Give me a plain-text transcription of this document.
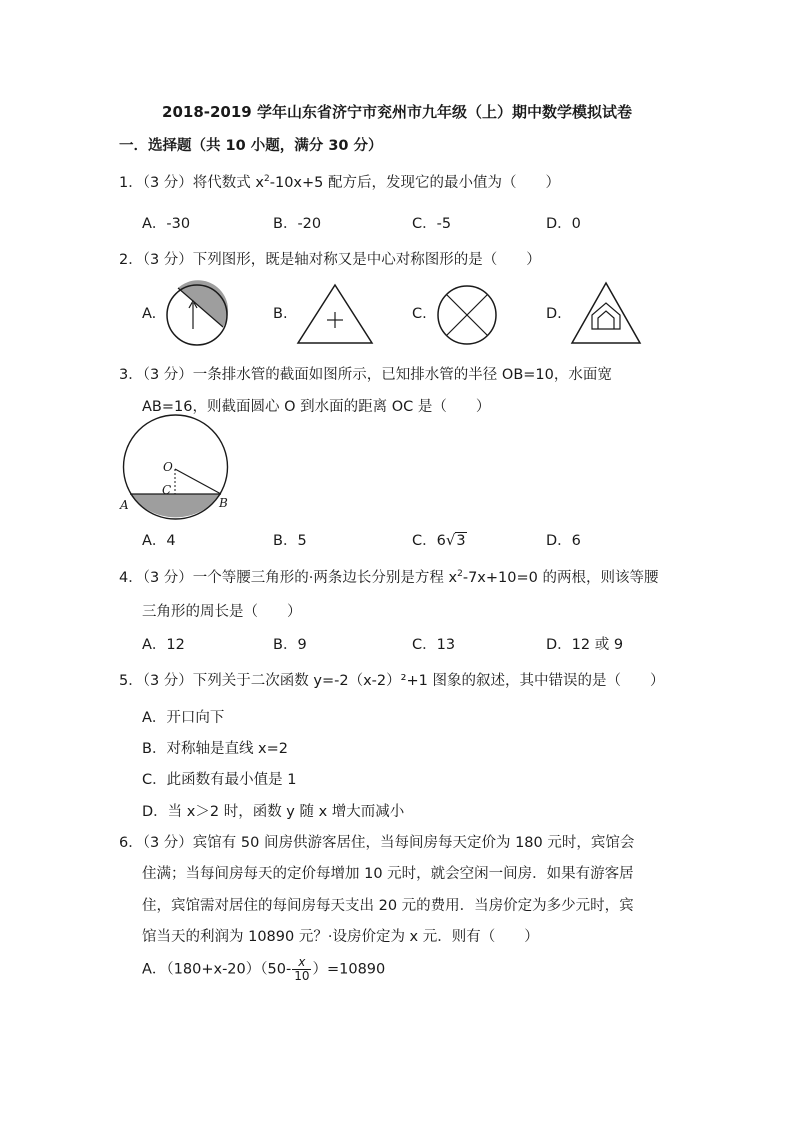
2018-2019 学年山东省济宁市兖州市九年级（上）期中数学模拟试卷
一．选择题（共 10 小题，满分 30 分）
1．（3 分）将代数式 $x^2-10x+5$ 配方后，发现它的最小值为（　　）
A．-30	B．-20	C．-5	D．0
2．（3 分）下列图形，既是轴对称又是中心对称图形的是（　　）
A.	B.	C.	D.
3．（3 分）一条排水管的截面如图所示，已知排水管的半径 OB=10，水面宽
AB=16，则截面圆心 O 到水面的距离 OC 是（　　）
O
C
A	B
A．4	B．5	C．6√3	D．6
4．（3 分）一个等腰三角形的·两条边长分别是方程 $x^2-7x+10=0$ 的两根，则该等腰
三角形的周长是（　　）
A．12	B．9	C．13	D．12 或 9
5．（3 分）下列关于二次函数 y=-2（x-2）²+1 图象的叙述，其中错误的是（　　）
A．开口向下
B．对称轴是直线 x=2
C．此函数有最小值是 1
D．当 x＞2 时，函数 y 随 x 增大而减小
6．（3 分）宾馆有 50 间房供游客居住，当每间房每天定价为 180 元时，宾馆会
住满；当每间房每天的定价每增加 10 元时，就会空闲一间房．如果有游客居
住，宾馆需对居住的每间房每天支出 20 元的费用．当房价定为多少元时，宾
馆当天的利润为 10890 元？·设房价定为 x 元．则有（　　）
A．$(180+x-20)(50- \frac{x}{10} )=10890$
